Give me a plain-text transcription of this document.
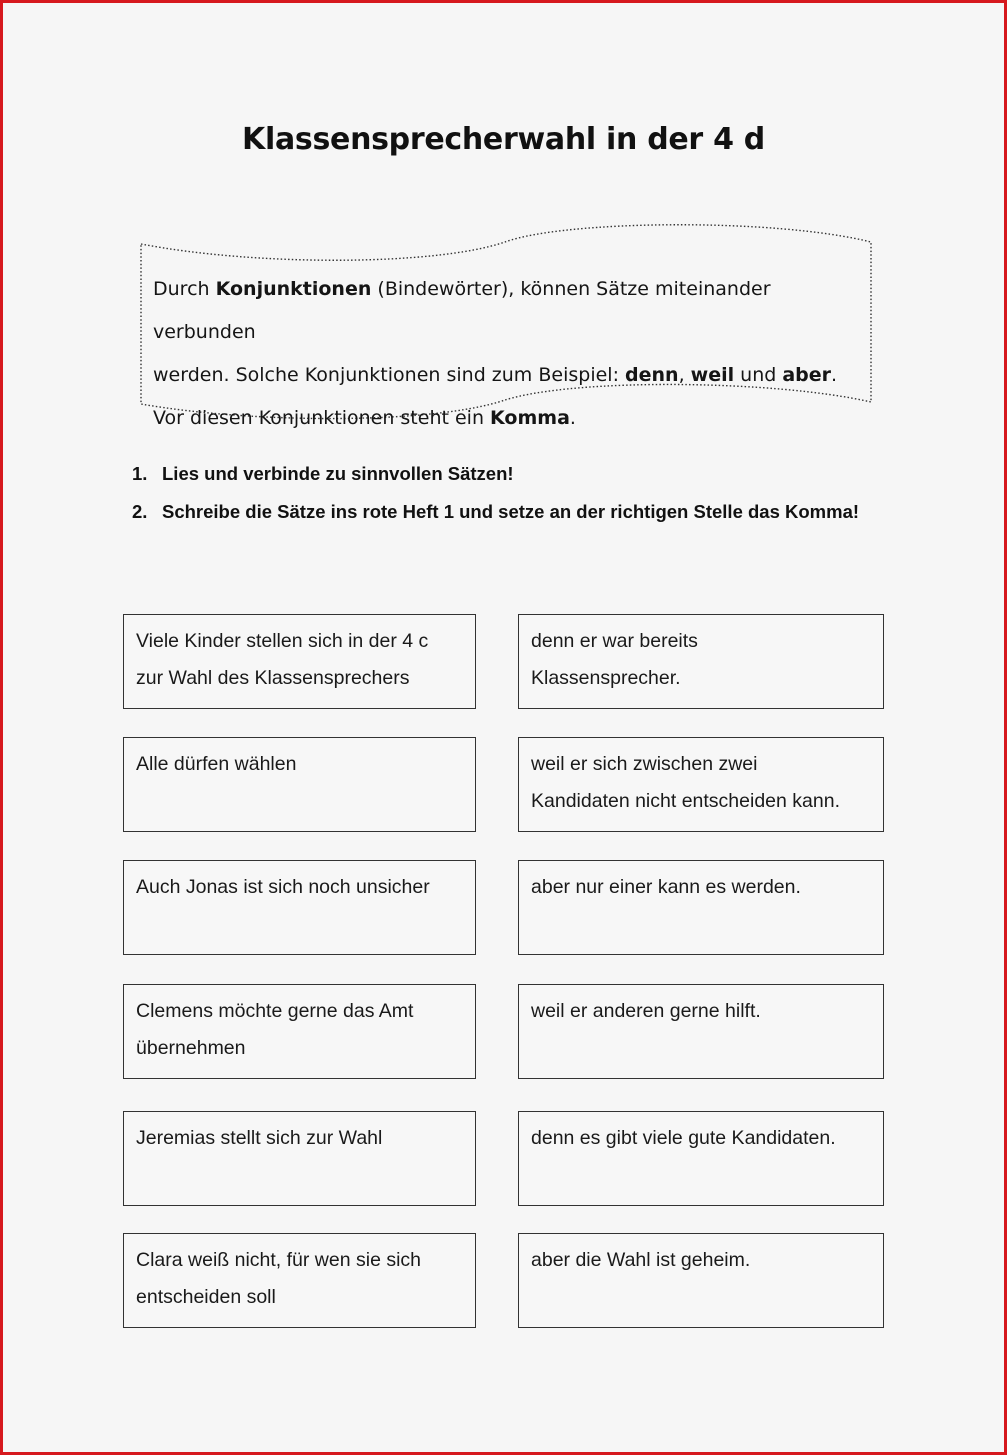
Klassensprecherwahl in der 4 d
Durch Konjunktionen (Bindewörter), können Sätze miteinander verbunden
werden. Solche Konjunktionen sind zum Beispiel: denn, weil und aber.
Vor diesen Konjunktionen steht ein Komma.
1. Lies und verbinde zu sinnvollen Sätzen!
2. Schreibe die Sätze ins rote Heft 1 und setze an der richtigen Stelle das Komma!
Viele Kinder stellen sich in der 4 c
zur Wahl des Klassensprechers
Alle dürfen wählen
Auch Jonas ist sich noch unsicher
Clemens möchte gerne das Amt
übernehmen
Jeremias stellt sich zur Wahl
Clara weiß nicht, für wen sie sich
entscheiden soll
denn er war bereits
Klassensprecher.
weil er sich zwischen zwei
Kandidaten nicht entscheiden kann.
aber nur einer kann es werden.
weil er anderen gerne hilft.
denn es gibt viele gute Kandidaten.
aber die Wahl ist geheim.
